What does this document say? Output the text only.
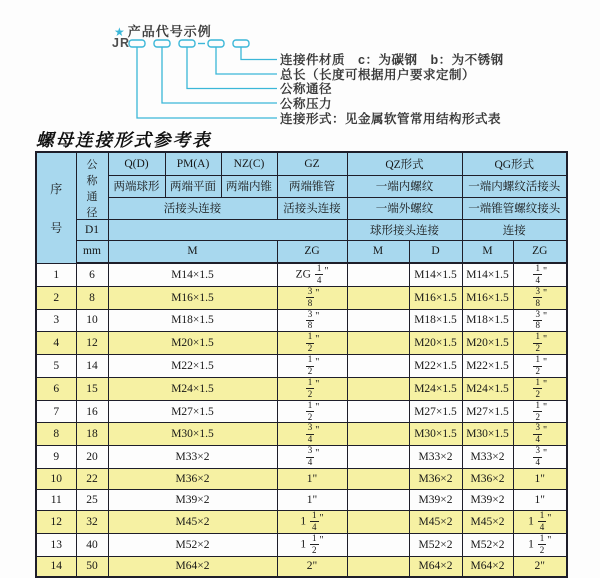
★ 产品代号示例
JR
连接件材质　c：为碳钢　b：为不锈钢
总长（长度可根据用户要求定制）
公称通径
公称压力
连接形式：见金属软管常用结构形式表
螺母连接形式参考表
序
号	公
称
通
径	Q(D)	PM(A)	NZ(C)	GZ	QZ形式		QG形式	
		两端球形	两端平面	两端内锥	两端锥管	一端内螺纹		一端内螺纹活接头	
		活接头连接			活接头连接	一端外螺纹		一端锥管螺纹接头	
	D1					球形接头连接		连接	
	mm	M			ZG	M	D	M	ZG
1	6	M14×1.5			ZG $\frac{1}{4}$ "		M14×1.5	M14×1.5	$\frac{1}{4}$ "
2	8	M16×1.5			$\frac{3}{8}$ "		M16×1.5	M16×1.5	$\frac{3}{8}$ "
3	10	M18×1.5			$\frac{3}{8}$ "		M18×1.5	M18×1.5	$\frac{3}{8}$ "
4	12	M20×1.5			$\frac{1}{2}$ "		M20×1.5	M20×1.5	$\frac{1}{2}$ "
5	14	M22×1.5			$\frac{1}{2}$ "		M22×1.5	M22×1.5	$\frac{1}{2}$ "
6	15	M24×1.5			$\frac{1}{2}$ "		M24×1.5	M24×1.5	$\frac{1}{2}$ "
7	16	M27×1.5			$\frac{1}{2}$ "		M27×1.5	M27×1.5	$\frac{1}{2}$ "
8	18	M30×1.5			$\frac{3}{4}$ "		M30×1.5	M30×1.5	$\frac{3}{4}$ "
9	20	M33×2			$\frac{3}{4}$ "		M33×2	M33×2	$\frac{3}{4}$ "
10	22	M36×2			1"		M36×2	M36×2	1"
11	25	M39×2			1"		M39×2	M39×2	1"
12	32	M45×2			$1 \frac{1}{4}$ "		M45×2	M45×2	$1 \frac{1}{4}$ "
13	40	M52×2			$1 \frac{1}{2}$ "		M52×2	M52×2	$1 \frac{1}{2}$ "
14	50	M64×2			2"		M64×2	M64×2	2"
